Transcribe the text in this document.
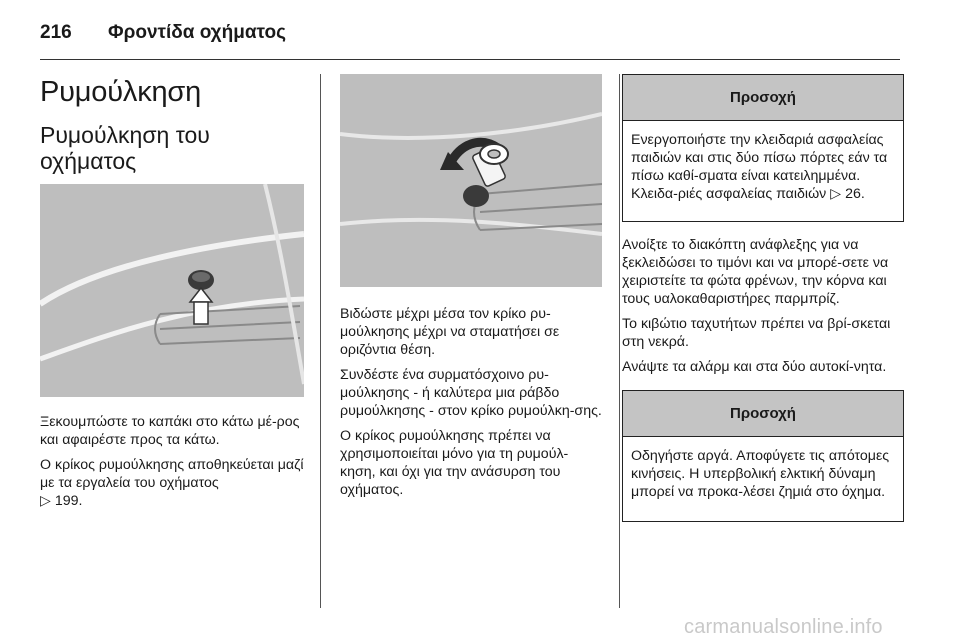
216	Φροντίδα οχήματος
Ρυμούλκηση
Ρυμούλκηση του οχήματος

Ξεκουμπώστε το καπάκι στο κάτω μέ-ρος και αφαιρέστε προς τα κάτω.

Ο κρίκος ρυμούλκησης αποθηκεύεται μαζί με τα εργαλεία του οχήματος
▷ 199.

Βιδώστε μέχρι μέσα τον κρίκο ρυ-μούλκησης μέχρι να σταματήσει σε οριζόντια θέση.

Συνδέστε ένα συρματόσχοινο ρυ-μούλκησης - ή καλύτερα μια ράβδο ρυμούλκησης - στον κρίκο ρυμούλκη-σης.

Ο κρίκος ρυμούλκησης πρέπει να χρησιμοποιείται μόνο για τη ρυμούλ-κηση, και όχι για την ανάσυρση του οχήματος.

Προσοχή
Ενεργοποιήστε την κλειδαριά ασφαλείας παιδιών και στις δύο πίσω πόρτες εάν τα πίσω καθί-σματα είναι κατειλημμένα. Κλειδα-ριές ασφαλείας παιδιών ▷ 26.

Ανοίξτε το διακόπτη ανάφλεξης για να ξεκλειδώσει το τιμόνι και να μπορέ-σετε να χειριστείτε τα φώτα φρένων, την κόρνα και τους υαλοκαθαριστήρες παρμπρίζ.

Το κιβώτιο ταχυτήτων πρέπει να βρί-σκεται στη νεκρά.

Ανάψτε τα αλάρμ και στα δύο αυτοκί-νητα.

Προσοχή
Οδηγήστε αργά. Αποφύγετε τις απότομες κινήσεις. Η υπερβολική ελκτική δύναμη μπορεί να προκα-λέσει ζημιά στο όχημα.
carmanualsonline.info
